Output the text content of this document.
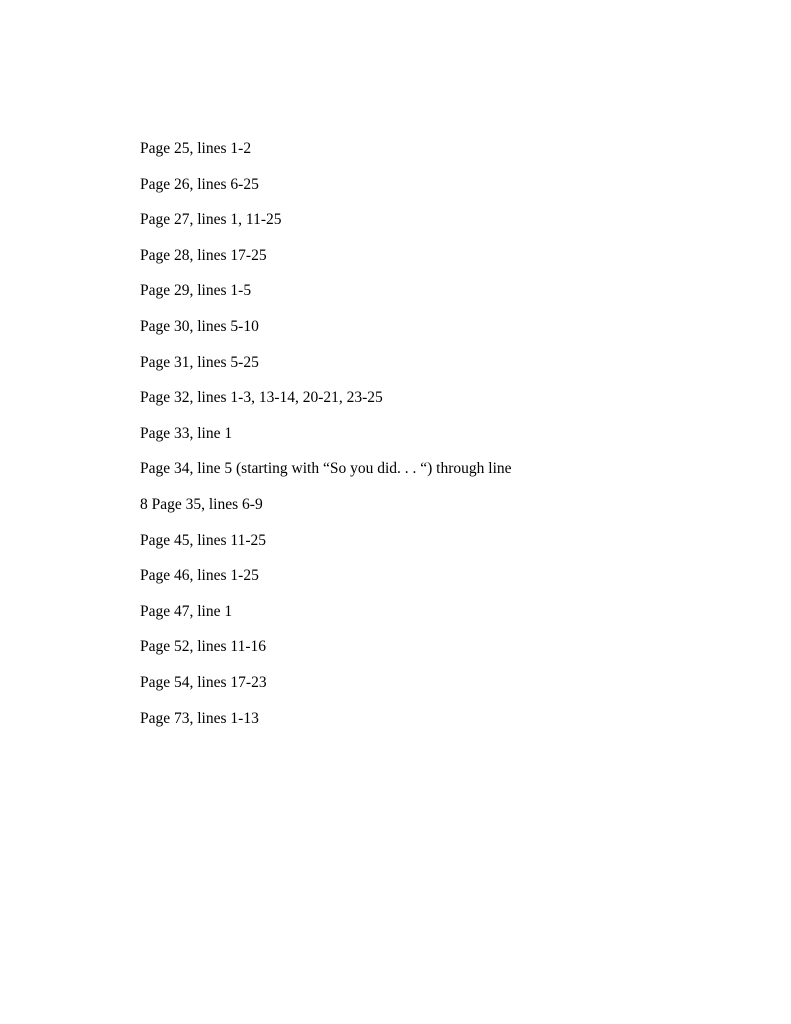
Page 25, lines 1-2
Page 26, lines 6-25
Page 27, lines 1, 11-25
Page 28, lines 17-25
Page 29, lines 1-5
Page 30, lines 5-10
Page 31, lines 5-25
Page 32, lines 1-3, 13-14, 20-21, 23-25
Page 33, line 1
Page 34, line 5 (starting with “So you did. . . “) through line
8 Page 35, lines 6-9
Page 45, lines 11-25
Page 46, lines 1-25
Page 47, line 1
Page 52, lines 11-16
Page 54, lines 17-23
Page 73, lines 1-13
